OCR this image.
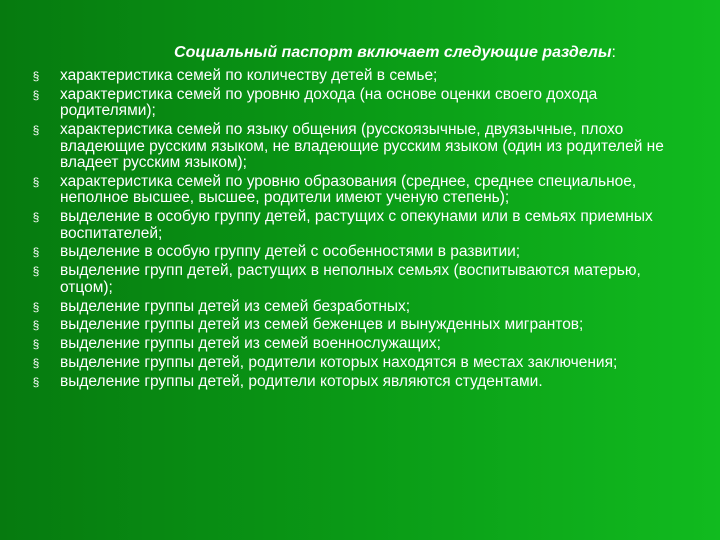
Социальный паспорт включает следующие разделы:
§ характеристика семей по количеству детей в семье;
§ характеристика семей по уровню дохода (на основе оценки своего дохода родителями);
§ характеристика семей по языку общения (русскоязычные, двуязычные, плохо владеющие русским языком, не владеющие русским языком (один из родителей не владеет русским языком);
§ характеристика семей по уровню образования (среднее, среднее специальное, неполное высшее, высшее, родители имеют ученую степень);
§ выделение в особую группу детей, растущих с опекунами или в семьях приемных воспитателей;
§ выделение в особую группу детей с особенностями в развитии;
§ выделение групп детей, растущих в неполных семьях (воспитываются матерью, отцом);
§ выделение группы детей из семей безработных;
§ выделение группы детей из семей беженцев и вынужденных мигрантов;
§ выделение группы детей из семей военнослужащих;
§ выделение группы детей, родители которых находятся в местах заключения;
§ выделение группы детей, родители которых являются студентами.
